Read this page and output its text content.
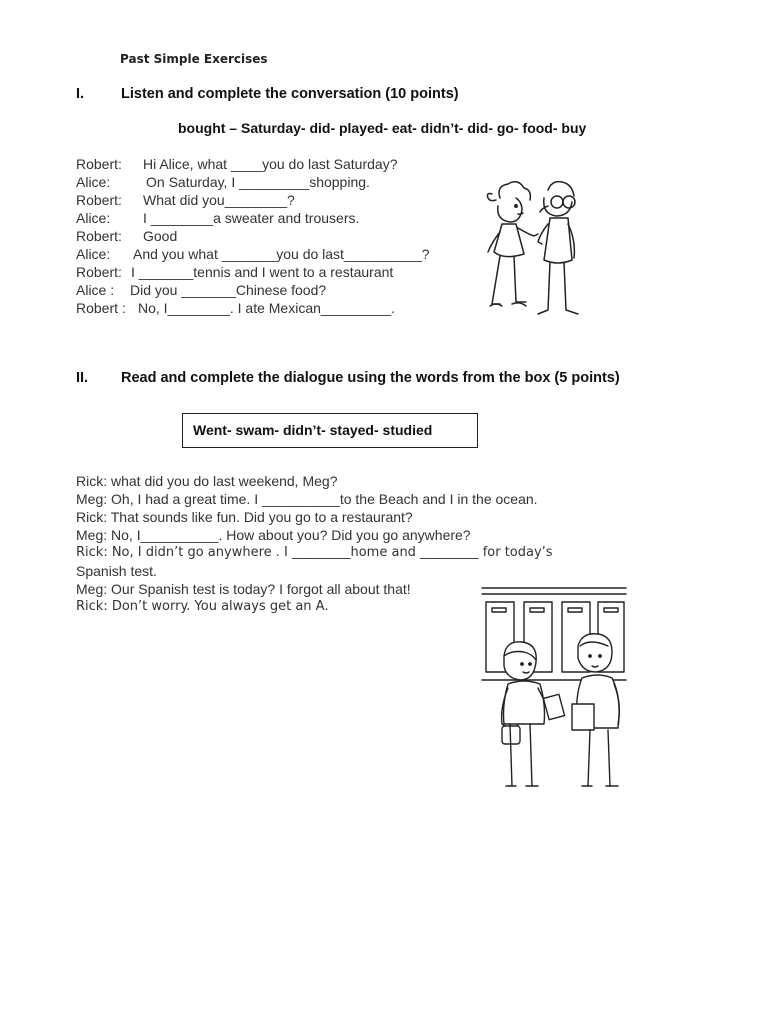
Past Simple Exercises
I.	Listen and complete the conversation (10 points)
bought – Saturday- did- played- eat- didn’t- did- go- food- buy
Robert: Hi Alice, what ____you do last Saturday?
Alice:	On Saturday, I _________shopping.
Robert: What did you________?
Alice: I ________a sweater and trousers.
Robert: Good
Alice: And you what _______you do last__________?
Robert: I _______tennis and I went to a restaurant
Alice : Did you _______Chinese food?
Robert : No, I________. I ate Mexican_________.
II. Read and complete the dialogue using the words from the box (5 points)
Went- swam- didn’t- stayed- studied
Rick: what did you do last weekend, Meg?
Meg: Oh, I had a great time. I __________to the Beach and I in the ocean.
Rick: That sounds like fun. Did you go to a restaurant?
Meg: No, I__________. How about you? Did you go anywhere?
Rick: No, I didn’t go anywhere . I _________home and _________ for today’s
Spanish test.
Meg: Our Spanish test is today? I forgot all about that!
Rick: Don’t worry. You always get an A.
